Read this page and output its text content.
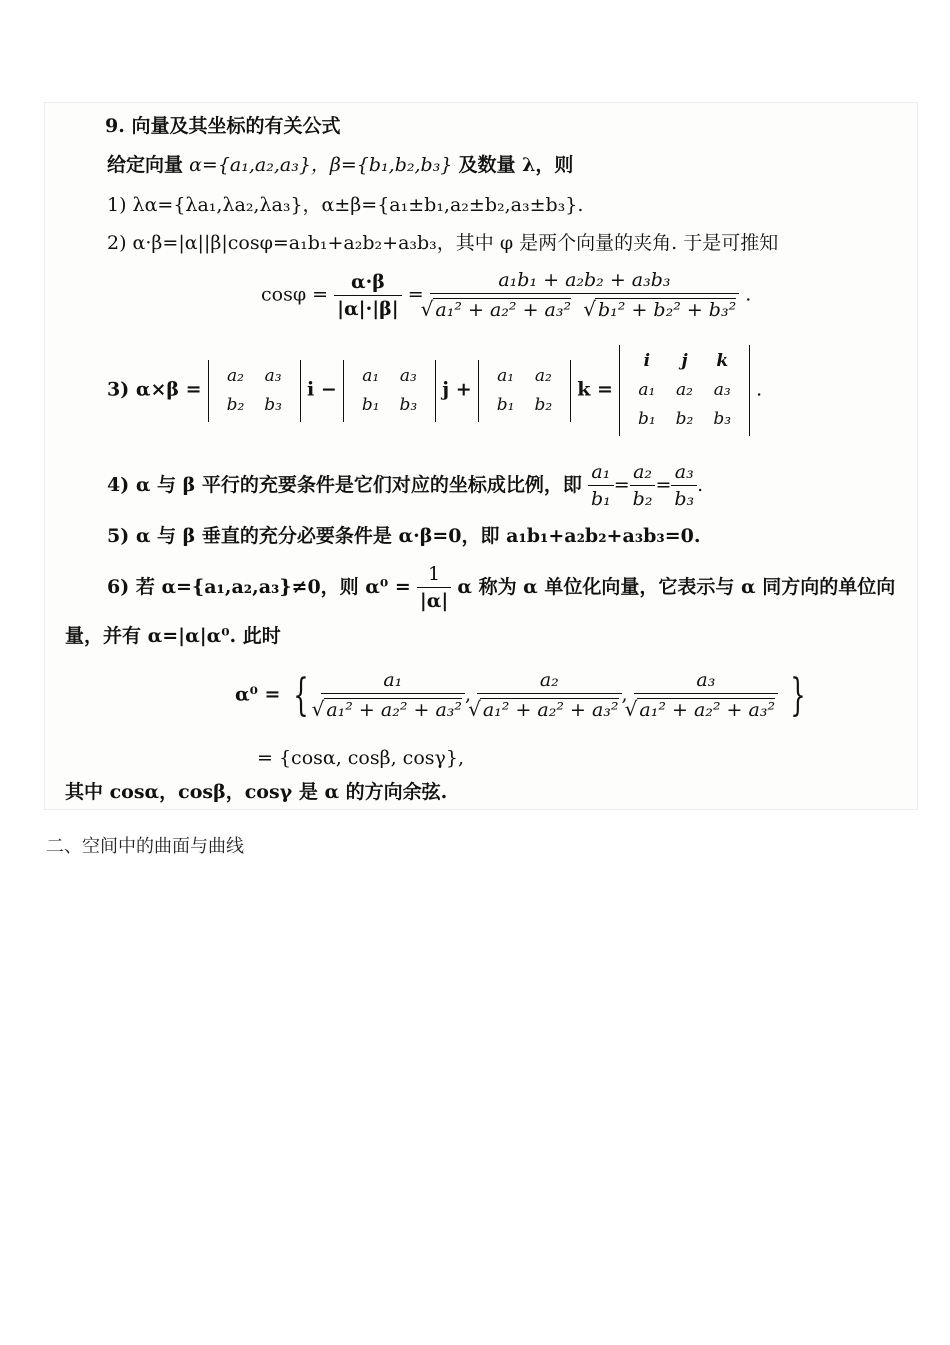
9. 向量及其坐标的有关公式
给定向量 α={a₁,a₂,a₃}，β={b₁,b₂,b₃} 及数量 λ，则
1) λα={λa₁,λa₂,λa₃}，α±β={a₁±b₁,a₂±b₂,a₃±b₃}.
2) α·β=|α||β|cosφ=a₁b₁+a₂b₂+a₃b₃，其中 φ 是两个向量的夹角. 于是可推知
$\cos\varphi = \frac{\alpha\cdot\beta}{|\alpha|\cdot|\beta|} = a_1b_1 + a_2b_2 + a_3b_3$
√ a₁² + a₂² + a₃² √ b₁² + b₂² + b₃² .
3) α×β =
a₂	a₃
b₂	b₃
i −
a₁	a₃
b₁	b₃
j +
a₁	a₂
b₁	b₂
k =
i	j	k
a₁	a₂	a₃
b₁	b₂	b₃
.
4) α 与 β 平行的充要条件是它们对应的坐标成比例，即 $\frac{\text{a₁}}{\text{b₁}} = \frac{\text{a₂}}{\text{b₂}} = \frac{\text{a₃}}{\text{b₃}}$ .
5) α 与 β 垂直的充分必要条件是 α·β=0，即 a₁b₁+a₂b₂+a₃b₃=0.
6) 若 α={a₁,a₂,a₃}≠0，则 $\alpha^0 = \frac{1}{|\alpha|}$ α 称为 α 单位化向量，它表示与 α 同方向的单位向
量，并有 α=|α|α⁰. 此时
α⁰ = { a₁
√ a₁² + a₂² + a₃² , a₂
√ a₁² + a₂² + a₃² , a₃
√ a₁² + a₂² + a₃² }
= {cosα, cosβ, cosγ},
其中 cosα，cosβ，cosγ 是 α 的方向余弦.
二、空间中的曲面与曲线
